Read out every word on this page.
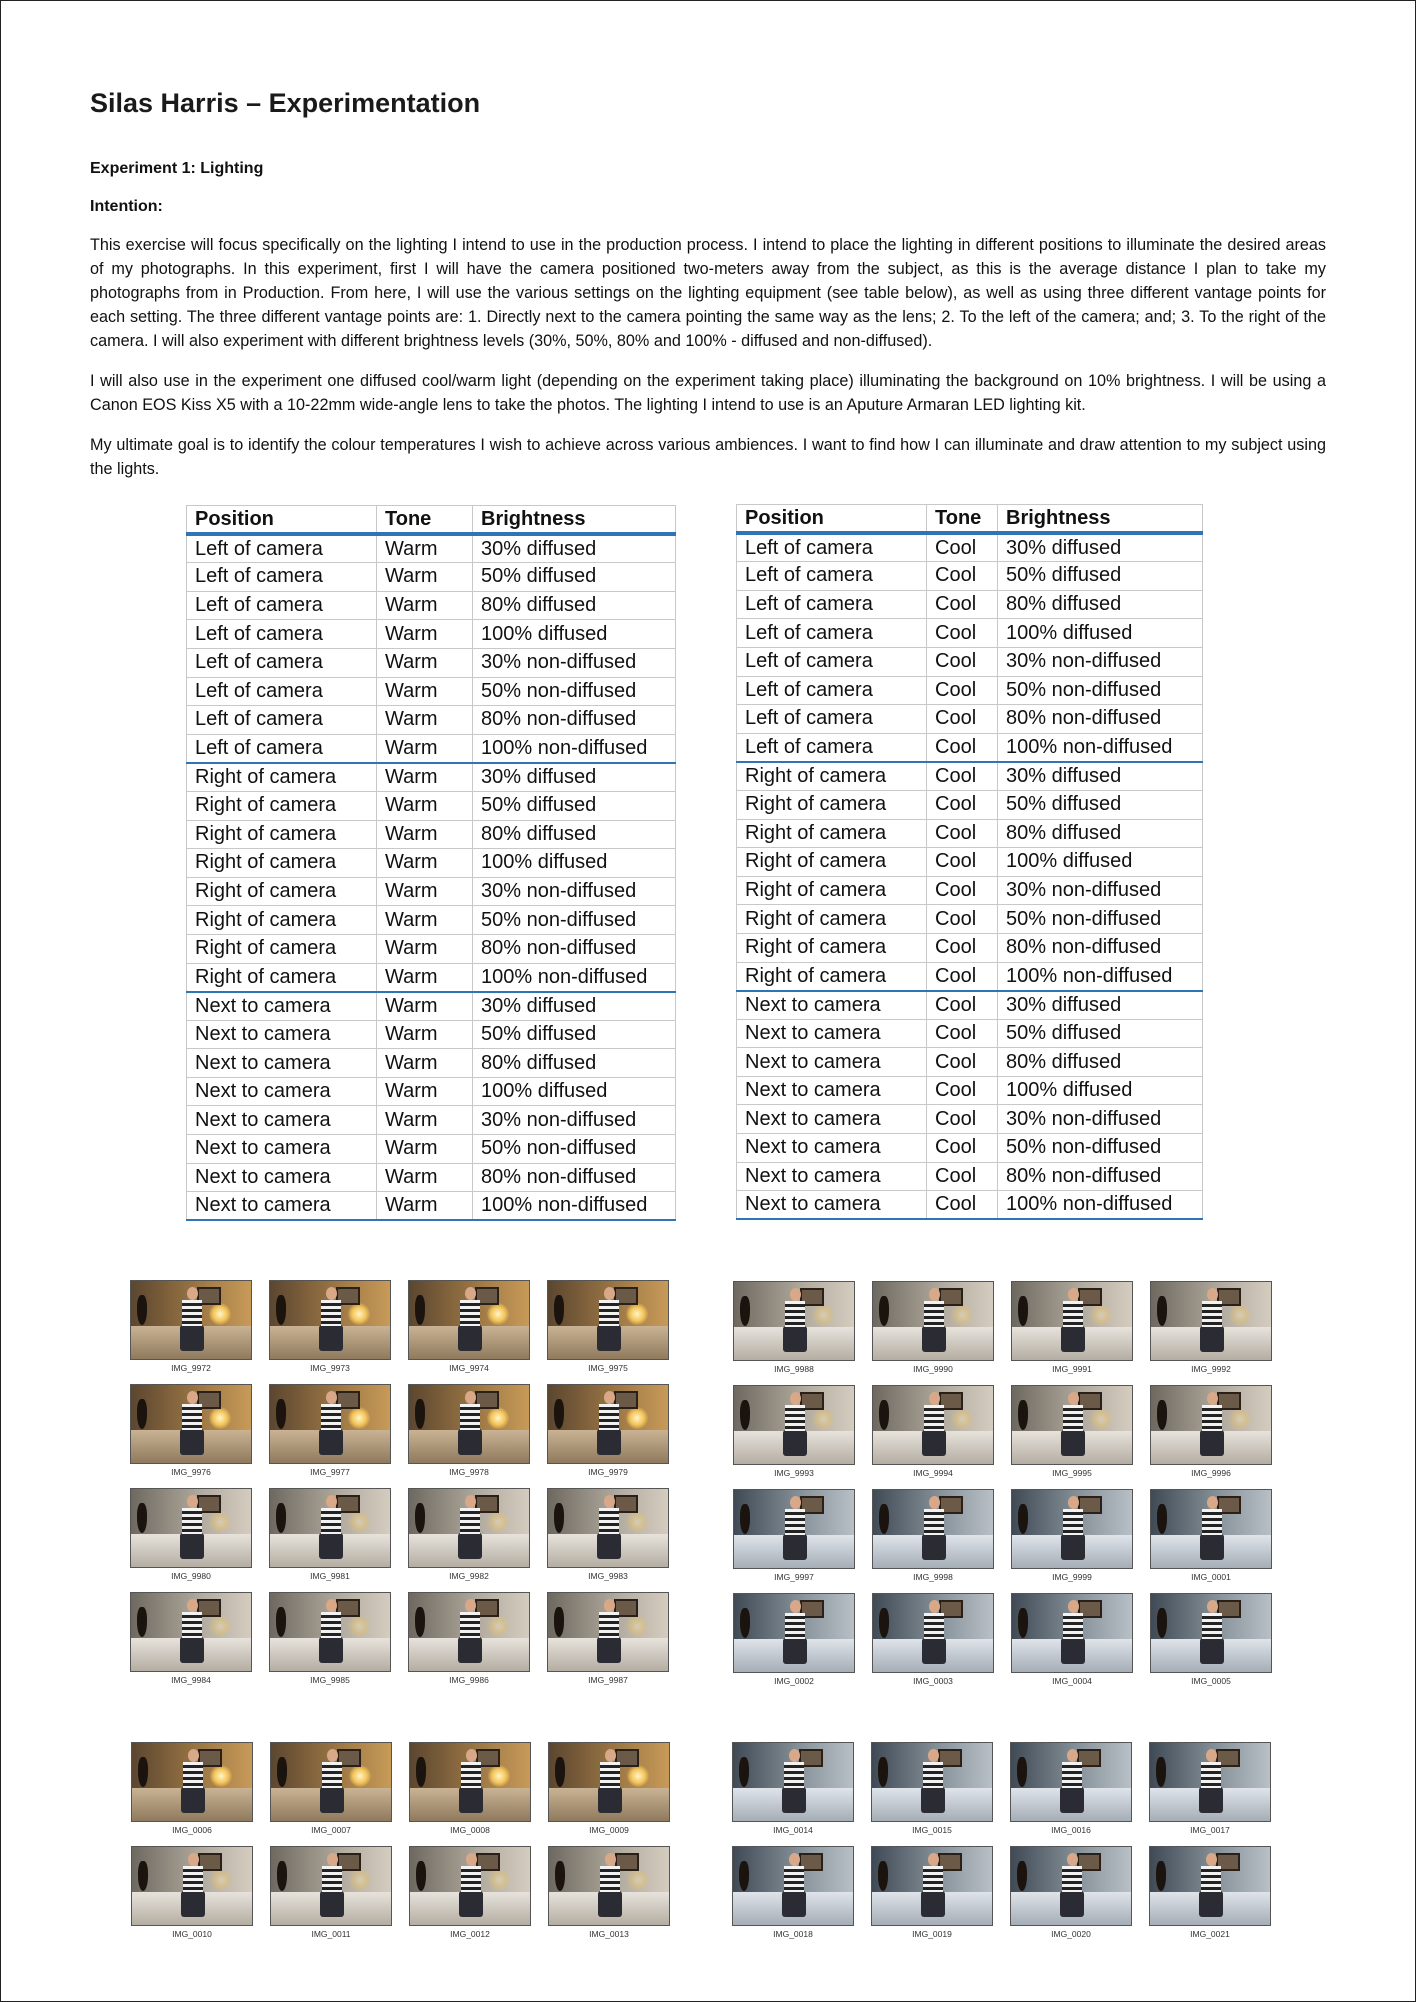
Silas Harris – Experimentation

Experiment 1: Lighting

Intention:

This exercise will focus specifically on the lighting I intend to use in the production process. I intend to place the lighting in different positions to illuminate the desired areas of my photographs. In this experiment, first I will have the camera positioned two-meters away from the subject, as this is the average distance I plan to take my photographs from in Production. From here, I will use the various settings on the lighting equipment (see table below), as well as using three different vantage points for each setting. The three different vantage points are: 1. Directly next to the camera pointing the same way as the lens; 2. To the left of the camera; and; 3. To the right of the camera. I will also experiment with different brightness levels (30%, 50%, 80% and 100% - diffused and non-diffused).

I will also use in the experiment one diffused cool/warm light (depending on the experiment taking place) illuminating the background on 10% brightness. I will be using a Canon EOS Kiss X5 with a 10-22mm wide-angle lens to take the photos. The lighting I intend to use is an Aputure Armaran LED lighting kit.

My ultimate goal is to identify the colour temperatures I wish to achieve across various ambiences. I want to find how I can illuminate and draw attention to my subject using the lights.

Position	Tone	Brightness
Left of camera	Warm	30% diffused
Left of camera	Warm	50% diffused
Left of camera	Warm	80% diffused
Left of camera	Warm	100% diffused
Left of camera	Warm	30% non-diffused
Left of camera	Warm	50% non-diffused
Left of camera	Warm	80% non-diffused
Left of camera	Warm	100% non-diffused
Right of camera	Warm	30% diffused
Right of camera	Warm	50% diffused
Right of camera	Warm	80% diffused
Right of camera	Warm	100% diffused
Right of camera	Warm	30% non-diffused
Right of camera	Warm	50% non-diffused
Right of camera	Warm	80% non-diffused
Right of camera	Warm	100% non-diffused
Next to camera	Warm	30% diffused
Next to camera	Warm	50% diffused
Next to camera	Warm	80% diffused
Next to camera	Warm	100% diffused
Next to camera	Warm	30% non-diffused
Next to camera	Warm	50% non-diffused
Next to camera	Warm	80% non-diffused
Next to camera	Warm	100% non-diffused
Position	Tone	Brightness
Left of camera	Cool	30% diffused
Left of camera	Cool	50% diffused
Left of camera	Cool	80% diffused
Left of camera	Cool	100% diffused
Left of camera	Cool	30% non-diffused
Left of camera	Cool	50% non-diffused
Left of camera	Cool	80% non-diffused
Left of camera	Cool	100% non-diffused
Right of camera	Cool	30% diffused
Right of camera	Cool	50% diffused
Right of camera	Cool	80% diffused
Right of camera	Cool	100% diffused
Right of camera	Cool	30% non-diffused
Right of camera	Cool	50% non-diffused
Right of camera	Cool	80% non-diffused
Right of camera	Cool	100% non-diffused
Next to camera	Cool	30% diffused
Next to camera	Cool	50% diffused
Next to camera	Cool	80% diffused
Next to camera	Cool	100% diffused
Next to camera	Cool	30% non-diffused
Next to camera	Cool	50% non-diffused
Next to camera	Cool	80% non-diffused
Next to camera	Cool	100% non-diffused
IMG_9972	IMG_9973	IMG_9974	IMG_9975
IMG_9976	IMG_9977	IMG_9978	IMG_9979
IMG_9980	IMG_9981	IMG_9982	IMG_9983
IMG_9984	IMG_9985	IMG_9986	IMG_9987
IMG_9988	IMG_9990	IMG_9991	IMG_9992
IMG_9993	IMG_9994	IMG_9995	IMG_9996
IMG_9997	IMG_9998	IMG_9999	IMG_0001
IMG_0002	IMG_0003	IMG_0004	IMG_0005
IMG_0006	IMG_0007	IMG_0008	IMG_0009
IMG_0010	IMG_0011	IMG_0012	IMG_0013
IMG_0014	IMG_0015	IMG_0016	IMG_0017
IMG_0018	IMG_0019	IMG_0020	IMG_0021
